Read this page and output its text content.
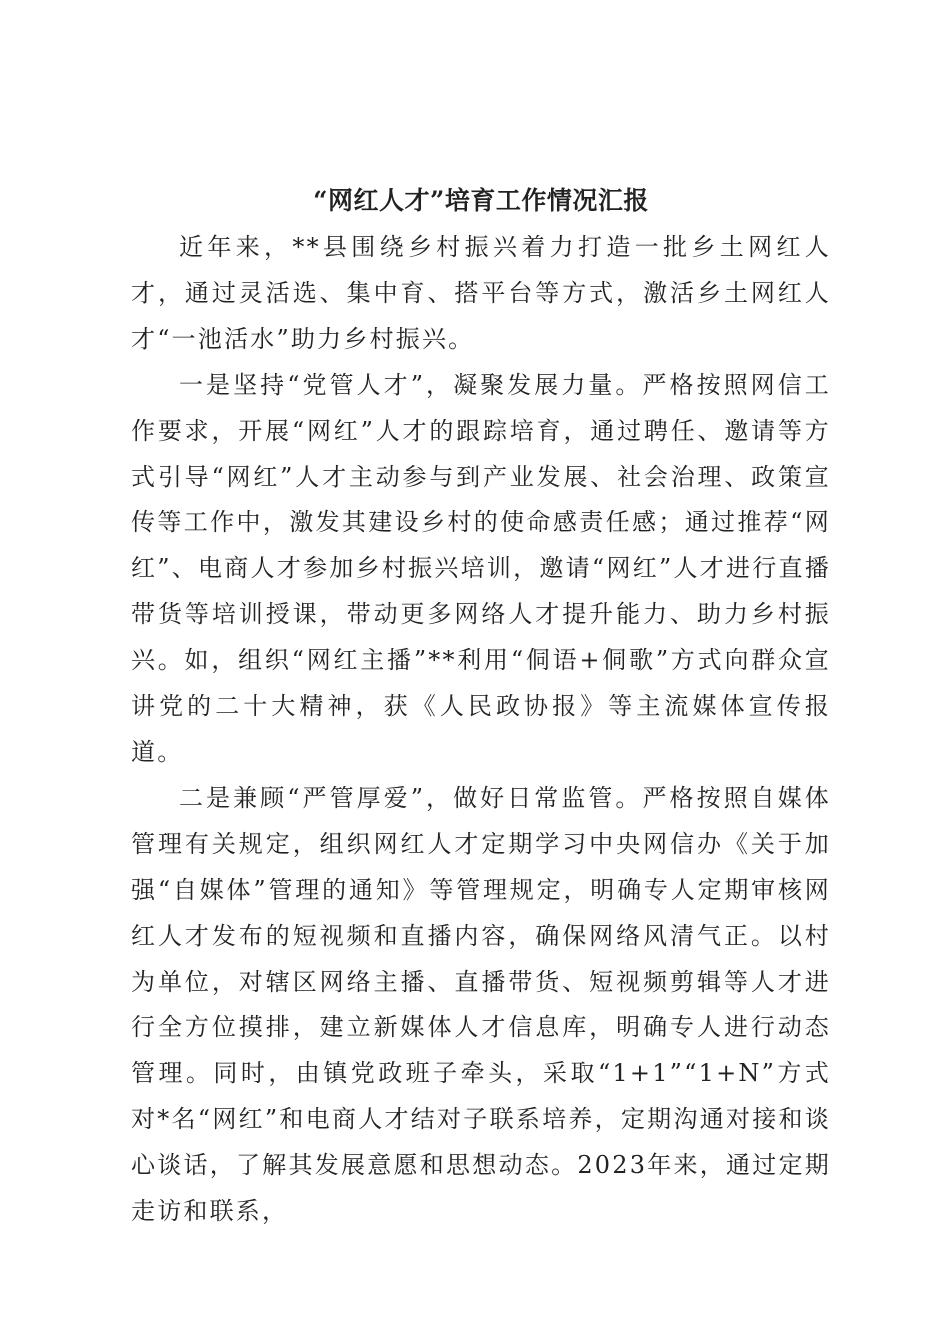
“网红人才”培育工作情况汇报

近年来，**县围绕乡村振兴着力打造一批乡土网红人才，通过灵活选、集中育、搭平台等方式，激活乡土网红人才“一池活水”助力乡村振兴。

一是坚持“党管人才”，凝聚发展力量。严格按照网信工作要求，开展“网红”人才的跟踪培育，通过聘任、邀请等方式引导“网红”人才主动参与到产业发展、社会治理、政策宣传等工作中，激发其建设乡村的使命感责任感；通过推荐“网红”、电商人才参加乡村振兴培训，邀请“网红”人才进行直播带货等培训授课，带动更多网络人才提升能力、助力乡村振兴。如，组织“网红主播”**利用“侗语+侗歌”方式向群众宣讲党的二十大精神，获《人民政协报》等主流媒体宣传报道。

二是兼顾“严管厚爱”，做好日常监管。严格按照自媒体管理有关规定，组织网红人才定期学习中央网信办《关于加强“自媒体”管理的通知》等管理规定，明确专人定期审核网红人才发布的短视频和直播内容，确保网络风清气正。以村为单位，对辖区网络主播、直播带货、短视频剪辑等人才进行全方位摸排，建立新媒体人才信息库，明确专人进行动态管理。同时，由镇党政班子牵头，采取“1+1”“1+N”方式对*名“网红”和电商人才结对子联系培养，定期沟通对接和谈心谈话，了解其发展意愿和思想动态。2023年来，通过定期走访和联系，
